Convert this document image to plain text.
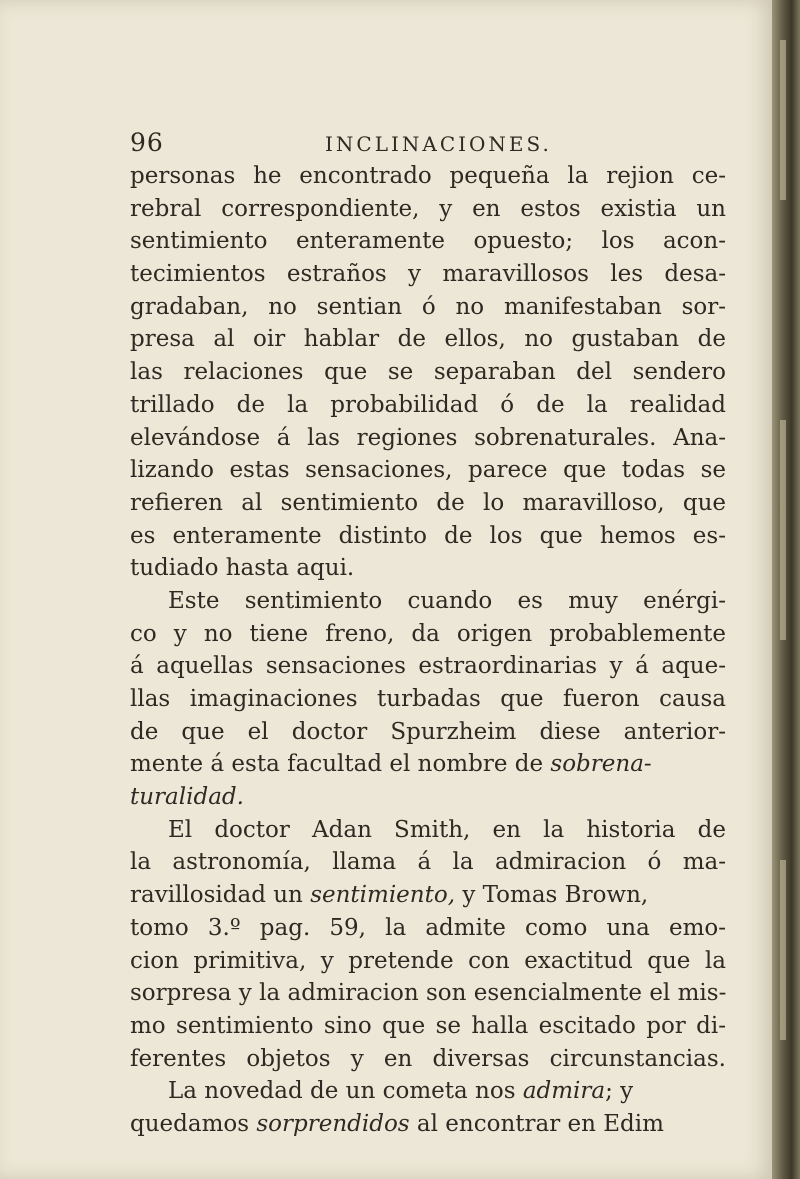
96	INCLINACIONES.
personas he encontrado pequeña la rejion ce-
rebral correspondiente, y en estos existia un
sentimiento enteramente opuesto; los acon-
tecimientos estraños y maravillosos les desa-
gradaban, no sentian ó no manifestaban sor-
presa al oir hablar de ellos, no gustaban de
las relaciones que se separaban del sendero
trillado de la probabilidad ó de la realidad
elevándose á las regiones sobrenaturales. Ana-
lizando estas sensaciones, parece que todas se
refieren al sentimiento de lo maravilloso, que
es enteramente distinto de los que hemos es-
tudiado hasta aqui.
Este sentimiento cuando es muy enérgi-
co y no tiene freno, da origen probablemente
á aquellas sensaciones estraordinarias y á aque-
llas imaginaciones turbadas que fueron causa
de que el doctor Spurzheim diese anterior-
mente á esta facultad el nombre de sobrena-
turalidad.
El doctor Adan Smith, en la historia de
la astronomía, llama á la admiracion ó ma-
ravillosidad un sentimiento, y Tomas Brown,
tomo 3.º pag. 59, la admite como una emo-
cion primitiva, y pretende con exactitud que la
sorpresa y la admiracion son esencialmente el mis-
mo sentimiento sino que se halla escitado por di-
ferentes objetos y en diversas circunstancias.
La novedad de un cometa nos admira; y
quedamos sorprendidos al encontrar en Edim
